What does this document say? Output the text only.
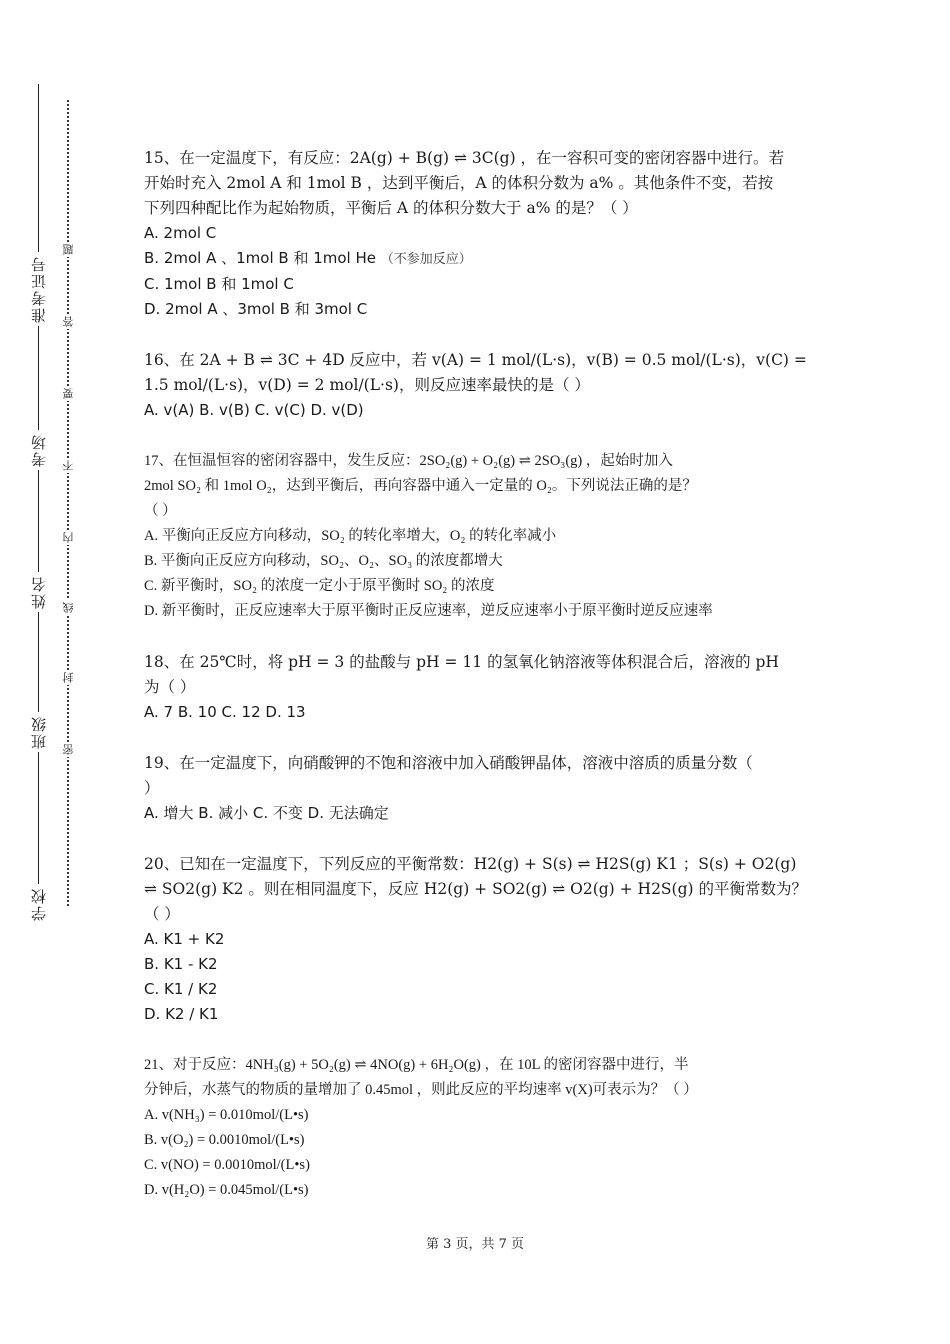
学校
班级
姓名
考场
准考证号
题
答
要
不
内
线
封
密
15、在一定温度下，有反应：2A(g) + B(g) ⇌ 3C(g) ，在一容积可变的密闭容器中进行。若
开始时充入 2mol A 和 1mol B ，达到平衡后，A 的体积分数为 a% 。其他条件不变，若按
下列四种配比作为起始物质，平衡后 A 的体积分数大于 a% 的是？（ ）
A. 2mol C
B. 2mol A 、1mol B 和 1mol He （不参加反应）
C. 1mol B 和 1mol C
D. 2mol A 、3mol B 和 3mol C
16、在 2A + B ⇌ 3C + 4D 反应中，若 v(A) = 1 mol/(L·s)，v(B) = 0.5 mol/(L·s)，v(C) =
1.5 mol/(L·s)，v(D) = 2 mol/(L·s)，则反应速率最快的是（ ）
A. v(A) B. v(B) C. v(C) D. v(D)
17、在恒温恒容的密闭容器中，发生反应：2SO₂(g) + O₂(g) ⇌ 2SO₃(g) ，起始时加入
2mol SO₂ 和 1mol O₂，达到平衡后，再向容器中通入一定量的 O₂。下列说法正确的是？
（ ）
A. 平衡向正反应方向移动，SO₂ 的转化率增大，O₂ 的转化率减小
B. 平衡向正反应方向移动，SO₂、O₂、SO₃ 的浓度都增大
C. 新平衡时，SO₂ 的浓度一定小于原平衡时 SO₂ 的浓度
D. 新平衡时，正反应速率大于原平衡时正反应速率，逆反应速率小于原平衡时逆反应速率
18、在 25℃时，将 pH = 3 的盐酸与 pH = 11 的氢氧化钠溶液等体积混合后，溶液的 pH
为（ ）
A. 7 B. 10 C. 12 D. 13
19、在一定温度下，向硝酸钾的不饱和溶液中加入硝酸钾晶体，溶液中溶质的质量分数（
）
A. 增大 B. 减小 C. 不变 D. 无法确定
20、已知在一定温度下，下列反应的平衡常数：H2(g) + S(s) ⇌ H2S(g) K1 ；S(s) + O2(g)
⇌ SO2(g) K2 。则在相同温度下，反应 H2(g) + SO2(g) ⇌ O2(g) + H2S(g) 的平衡常数为？
（ ）
A. K1 + K2
B. K1 - K2
C. K1 / K2
D. K2 / K1
21、对于反应：4NH₃(g) + 5O₂(g) ⇌ 4NO(g) + 6H₂O(g) ，在 10L 的密闭容器中进行，半
分钟后，水蒸气的物质的量增加了 0.45mol ，则此反应的平均速率 v(X)可表示为？（ ）
A. v(NH₃) = 0.010mol/(L•s)
B. v(O₂) = 0.0010mol/(L•s)
C. v(NO) = 0.0010mol/(L•s)
D. v(H₂O) = 0.045mol/(L•s)
第 3 页，共 7 页
